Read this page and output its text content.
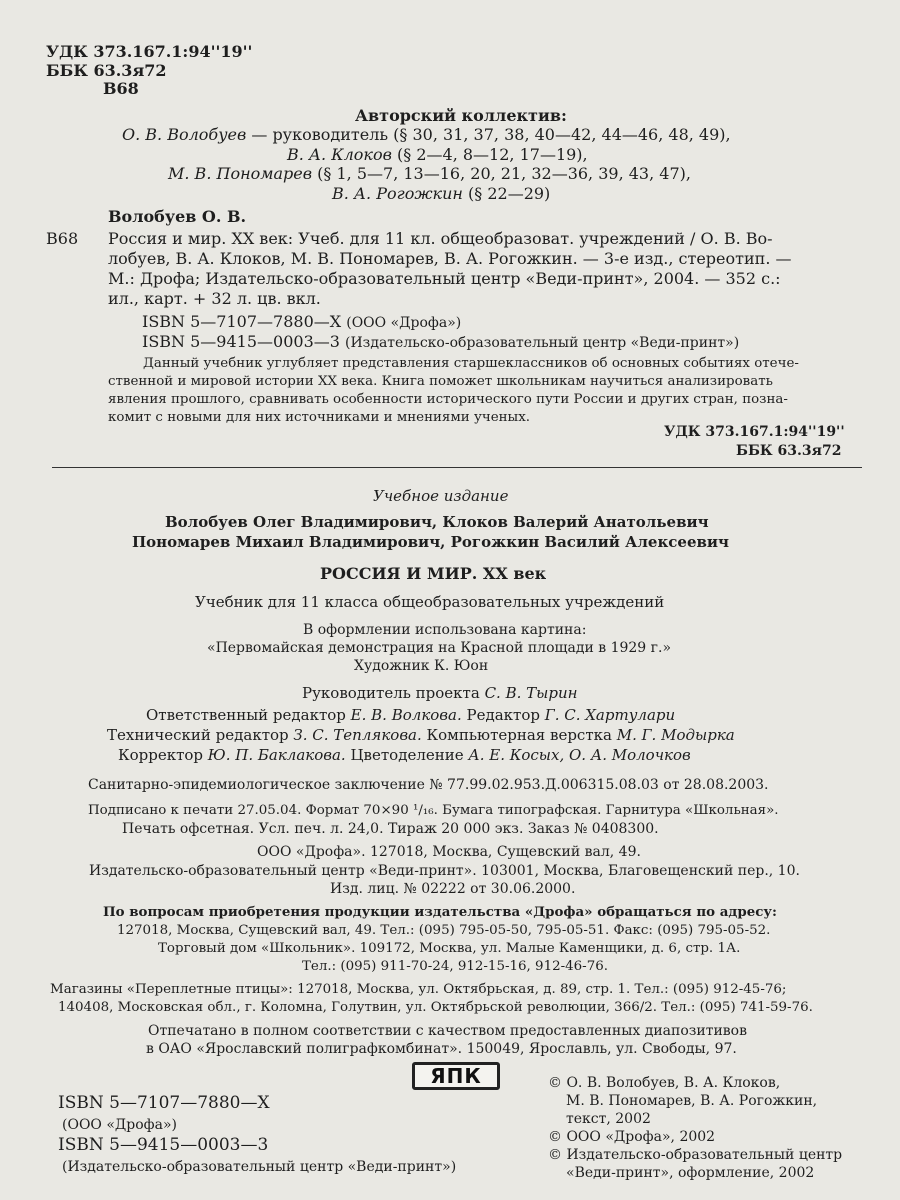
УДК 373.167.1:94''19''
ББК 63.3я72
В68
Авторский коллектив:
О. В. Волобуев — руководитель (§ 30, 31, 37, 38, 40—42, 44—46, 48, 49),
В. А. Клоков (§ 2—4, 8—12, 17—19),
М. В. Пономарев (§ 1, 5—7, 13—16, 20, 21, 32—36, 39, 43, 47),
В. А. Рогожкин (§ 22—29)
Волобуев О. В.
В68 Россия и мир. XX век: Учеб. для 11 кл. общеобразоват. учреждений / О. В. Во-
лобуев, В. А. Клоков, М. В. Пономарев, В. А. Рогожкин. — 3-е изд., стереотип. —
М.: Дрофа; Издательско-образовательный центр «Веди-принт», 2004. — 352 с.:
ил., карт. + 32 л. цв. вкл.
ISBN 5—7107—7880—X (ООО «Дрофа»)
ISBN 5—9415—0003—3 (Издательско-образовательный центр «Веди-принт»)
Данный учебник углубляет представления старшеклассников об основных событиях отече-
ственной и мировой истории XX века. Книга поможет школьникам научиться анализировать
явления прошлого, сравнивать особенности исторического пути России и других стран, позна-
комит с новыми для них источниками и мнениями ученых.
УДК 373.167.1:94''19''
ББК 63.3я72
Учебное издание
Волобуев Олег Владимирович, Клоков Валерий Анатольевич
Пономарев Михаил Владимирович, Рогожкин Василий Алексеевич
РОССИЯ И МИР. XX век
Учебник для 11 класса общеобразовательных учреждений
В оформлении использована картина:
«Первомайская демонстрация на Красной площади в 1929 г.»
Художник К. Юон
Руководитель проекта С. В. Тырин
Ответственный редактор Е. В. Волкова. Редактор Г. С. Хартулари
Технический редактор З. С. Теплякова. Компьютерная верстка М. Г. Модырка
Корректор Ю. П. Баклакова. Цветоделение А. Е. Косых, О. А. Молочков
Санитарно-эпидемиологическое заключение № 77.99.02.953.Д.006315.08.03 от 28.08.2003.
Подписано к печати 27.05.04. Формат 70×90 ¹/₁₆. Бумага типографская. Гарнитура «Школьная».
Печать офсетная. Усл. печ. л. 24,0. Тираж 20 000 экз. Заказ № 0408300.
ООО «Дрофа». 127018, Москва, Сущевский вал, 49.
Издательско-образовательный центр «Веди-принт». 103001, Москва, Благовещенский пер., 10.
Изд. лиц. № 02222 от 30.06.2000.
По вопросам приобретения продукции издательства «Дрофа» обращаться по адресу:
127018, Москва, Сущевский вал, 49. Тел.: (095) 795-05-50, 795-05-51. Факс: (095) 795-05-52.
Торговый дом «Школьник». 109172, Москва, ул. Малые Каменщики, д. 6, стр. 1А.
Тел.: (095) 911-70-24, 912-15-16, 912-46-76.
Магазины «Переплетные птицы»: 127018, Москва, ул. Октябрьская, д. 89, стр. 1. Тел.: (095) 912-45-76;
140408, Московская обл., г. Коломна, Голутвин, ул. Октябрьской революции, 366/2. Тел.: (095) 741-59-76.
Отпечатано в полном соответствии с качеством предоставленных диапозитивов
в ОАО «Ярославский полиграфкомбинат». 150049, Ярославль, ул. Свободы, 97.
ЯПК
ISBN 5—7107—7880—X
(ООО «Дрофа»)
ISBN 5—9415—0003—3
(Издательско-образовательный центр «Веди-принт»)
© О. В. Волобуев, В. А. Клоков,
М. В. Пономарев, В. А. Рогожкин,
текст, 2002
© ООО «Дрофа», 2002
© Издательско-образовательный центр
«Веди-принт», оформление, 2002
